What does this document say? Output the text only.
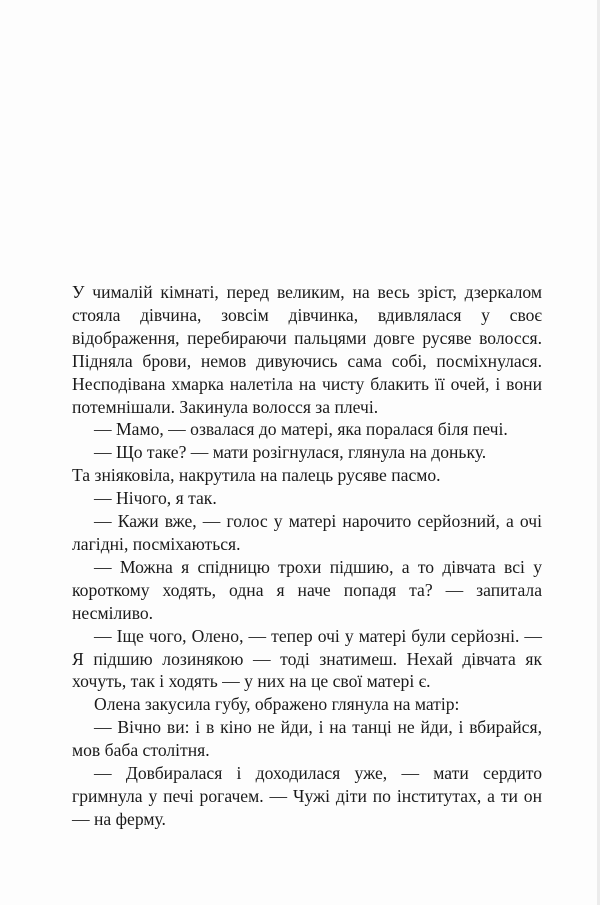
У чималій кімнаті, перед великим, на весь зріст, дзеркалом стояла дівчина, зовсім дівчинка, вдивлялася у своє відображення, перебираючи пальцями довге русяве волосся. Підняла брови, немов дивуючись сама собі, посміхнулася. Несподівана хмарка налетіла на чисту блакить її очей, і вони потемнішали. Закинула волосся за плечі.

— Мамо, — озвалася до матері, яка поралася біля печі.

— Що таке? — мати розігнулася, глянула на доньку.

Та зніяковіла, накрутила на палець русяве пасмо.

— Нічого, я так.

— Кажи вже, — голос у матері нарочито серйозний, а очі лагідні, посміхаються.

— Можна я спідницю трохи підшию, а то дівчата всі у короткому ходять, одна я наче попадя та? — запитала несміливо.

— Іще чого, Олено, — тепер очі у матері були серйозні. — Я підшию лозинякою — тоді знатимеш. Нехай дівчата як хочуть, так і ходять — у них на це свої матері є.

Олена закусила губу, ображено глянула на матір:

— Вічно ви: і в кіно не йди, і на танці не йди, і вбирайся, мов баба столітня.

— Довбиралася і доходилася уже, — мати сердито гримнула у печі рогачем. — Чужі діти по інститутах, а ти он — на ферму.
